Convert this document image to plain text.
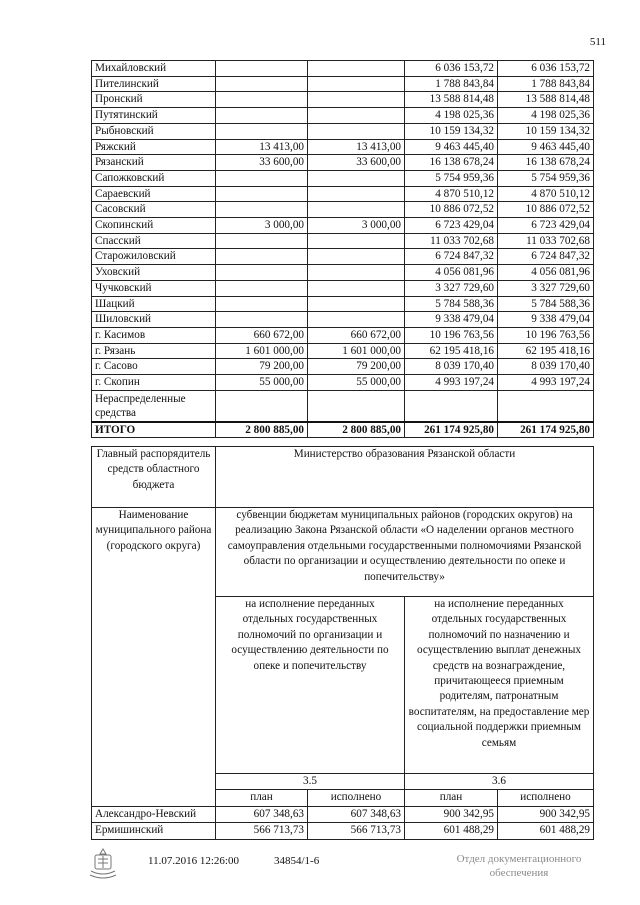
511
Михайловский			6 036 153,72	6 036 153,72
Пителинский			1 788 843,84	1 788 843,84
Пронский			13 588 814,48	13 588 814,48
Путятинский			4 198 025,36	4 198 025,36
Рыбновский			10 159 134,32	10 159 134,32
Ряжский	13 413,00	13 413,00	9 463 445,40	9 463 445,40
Рязанский	33 600,00	33 600,00	16 138 678,24	16 138 678,24
Сапожковский			5 754 959,36	5 754 959,36
Сараевский			4 870 510,12	4 870 510,12
Сасовский			10 886 072,52	10 886 072,52
Скопинский	3 000,00	3 000,00	6 723 429,04	6 723 429,04
Спасский			11 033 702,68	11 033 702,68
Старожиловский			6 724 847,32	6 724 847,32
Уховский			4 056 081,96	4 056 081,96
Чучковский			3 327 729,60	3 327 729,60
Шацкий			5 784 588,36	5 784 588,36
Шиловский			9 338 479,04	9 338 479,04
г. Касимов	660 672,00	660 672,00	10 196 763,56	10 196 763,56
г. Рязань	1 601 000,00	1 601 000,00	62 195 418,16	62 195 418,16
г. Сасово	79 200,00	79 200,00	8 039 170,40	8 039 170,40
г. Скопин	55 000,00	55 000,00	4 993 197,24	4 993 197,24
Нераспределенные средства				
ИТОГО	2 800 885,00	2 800 885,00	261 174 925,80	261 174 925,80
Главный распорядитель средств областного бюджета	Министерство образования Рязанской области			
Наименование муниципального района (городского округа)	субвенции бюджетам муниципальных районов (городских округов) на реализацию Закона Рязанской области «О наделении органов местного самоуправления отдельными государственными полномочиями Рязанской области по организации и осуществлению деятельности по опеке и попечительству»			
	на исполнение переданных отдельных государственных полномочий по организации и осуществлению деятельности по опеке и попечительству		на исполнение переданных отдельных государственных полномочий по назначению и осуществлению выплат денежных средств на вознаграждение, причитающееся приемным родителям, патронатным воспитателям, на предоставление мер социальной поддержки приемным семьям	
	3.5		3.6	
	план	исполнено	план	исполнено
Александро-Невский	607 348,63	607 348,63	900 342,95	900 342,95
Ермишинский	566 713,73	566 713,73	601 488,29	601 488,29
11.07.2016 12:26:00	34854/1-6	Отдел документационного
обеспечения
